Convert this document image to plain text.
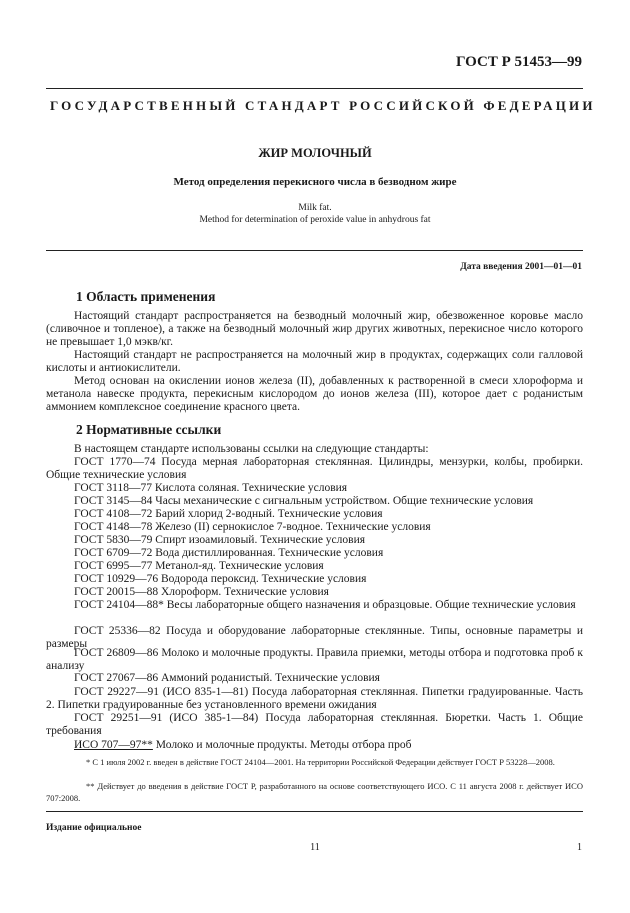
ГОСТ Р 51453—99
ГОСУДАРСТВЕННЫЙ СТАНДАРТ РОССИЙСКОЙ ФЕДЕРАЦИИ
ЖИР МОЛОЧНЫЙ
Метод определения перекисного числа в безводном жире
Milk fat.
Method for determination of peroxide value in anhydrous fat
Дата введения 2001—01—01
1 Область применения
Настоящий стандарт распространяется на безводный молочный жир, обезвоженное коровье масло (сливочное и топленое), а также на безводный молочный жир других животных, перекисное число которого не превышает 1,0 мэкв/кг.
Настоящий стандарт не распространяется на молочный жир в продуктах, содержащих соли галловой кислоты и антиокислители.
Метод основан на окислении ионов железа (II), добавленных к растворенной в смеси хлороформа и метанола навеске продукта, перекисным кислородом до ионов железа (III), которое дает с роданистым аммонием комплексное соединение красного цвета.
2 Нормативные ссылки
В настоящем стандарте использованы ссылки на следующие стандарты:
ГОСТ 1770—74 Посуда мерная лабораторная стеклянная. Цилиндры, мензурки, колбы, пробирки. Общие технические условия
ГОСТ 3118—77 Кислота соляная. Технические условия
ГОСТ 3145—84 Часы механические с сигнальным устройством. Общие технические условия
ГОСТ 4108—72 Барий хлорид 2-водный. Технические условия
ГОСТ 4148—78 Железо (II) сернокислое 7-водное. Технические условия
ГОСТ 5830—79 Спирт изоамиловый. Технические условия
ГОСТ 6709—72 Вода дистиллированная. Технические условия
ГОСТ 6995—77 Метанол-яд. Технические условия
ГОСТ 10929—76 Водорода пероксид. Технические условия
ГОСТ 20015—88 Хлороформ. Технические условия
ГОСТ 24104—88* Весы лабораторные общего назначения и образцовые. Общие технические условия
ГОСТ 25336—82 Посуда и оборудование лабораторные стеклянные. Типы, основные параметры и размеры
ГОСТ 26809—86 Молоко и молочные продукты. Правила приемки, методы отбора и подготовка проб к анализу
ГОСТ 27067—86 Аммоний роданистый. Технические условия
ГОСТ 29227—91 (ИСО 835-1—81) Посуда лабораторная стеклянная. Пипетки градуированные. Часть 2. Пипетки градуированные без установленного времени ожидания
ГОСТ 29251—91 (ИСО 385-1—84) Посуда лабораторная стеклянная. Бюретки. Часть 1. Общие требования
ИСО 707—97** Молоко и молочные продукты. Методы отбора проб
* С 1 июля 2002 г. введен в действие ГОСТ 24104—2001. На территории Российской Федерации действует ГОСТ Р 53228—2008.
** Действует до введения в действие ГОСТ Р, разработанного на основе соответствующего ИСО. С 11 августа 2008 г. действует ИСО 707:2008.
Издание официальное
11	1
